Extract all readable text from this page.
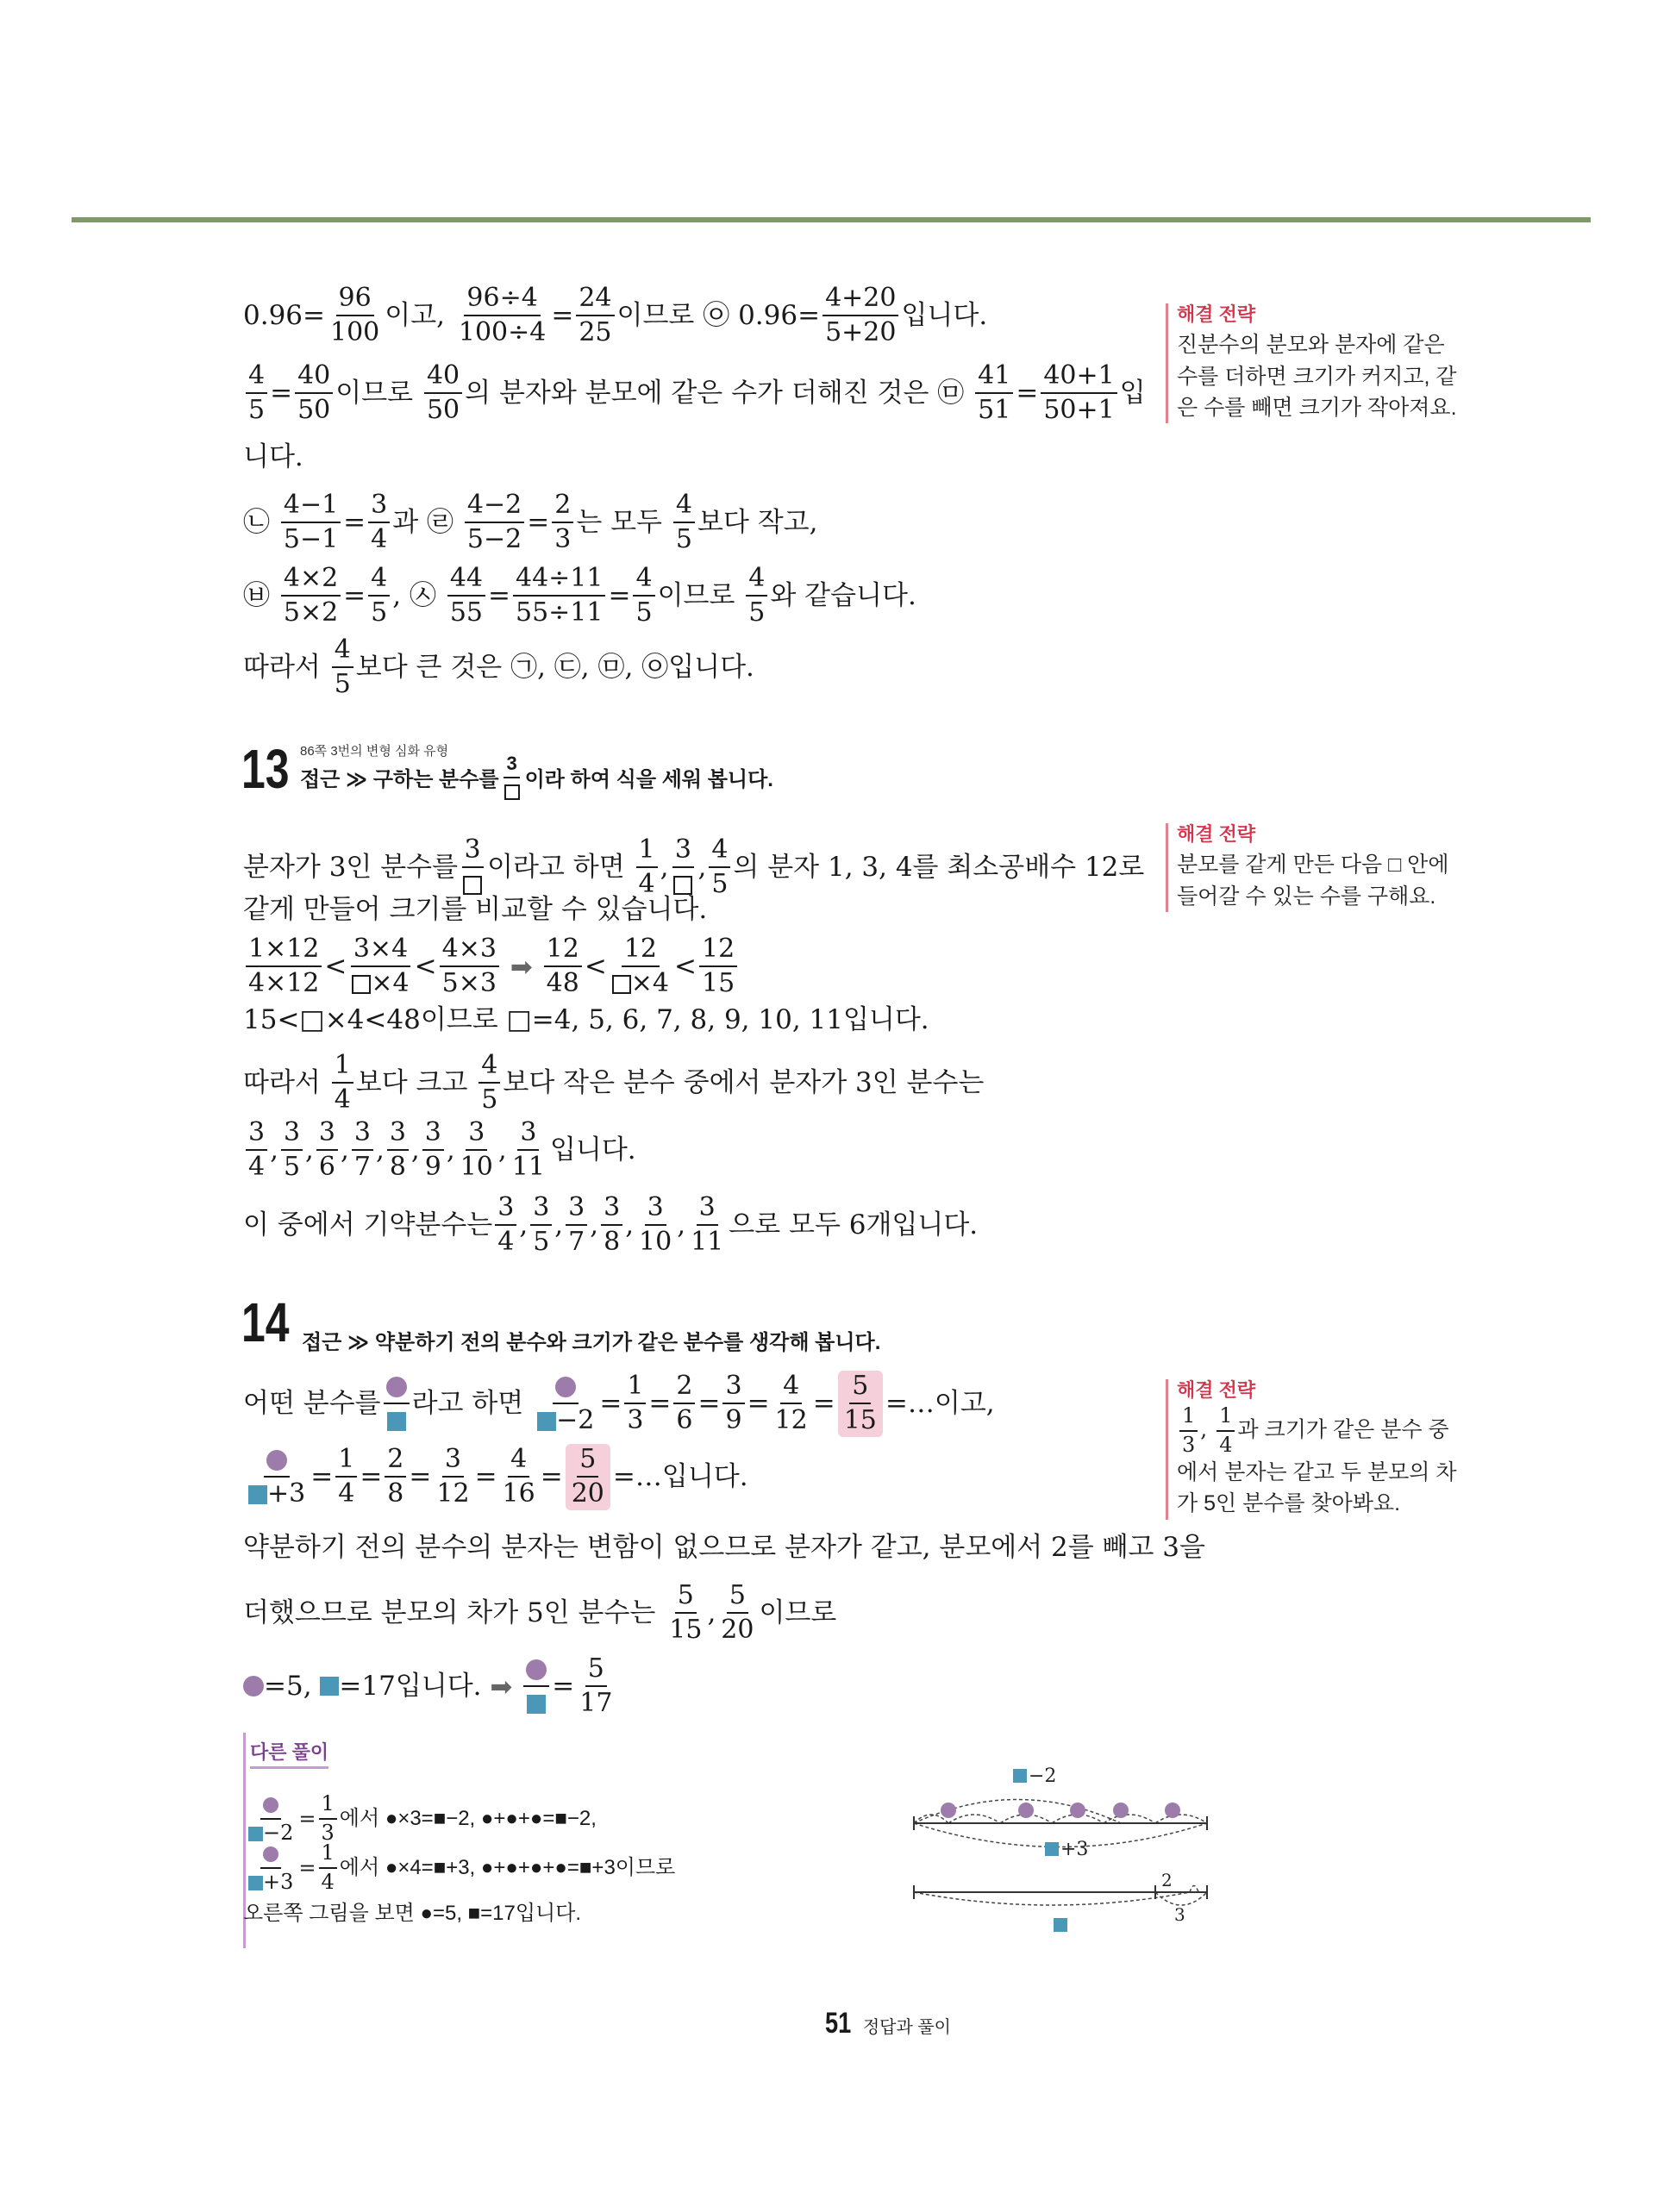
$0.96= \frac{96}{100}$ 이고,
$\frac{96\div 4}{100\div 4} = \frac{24}{25}$ 이므로 ㉧ $0.96= \frac{4+20}{5+20}$ 입니다.
$\frac{4}{5} = \frac{40}{50}$ 이므로
$\frac{40}{50}$ 의 분자와 분모에 같은 수가 더해진 것은 ㉤
$\frac{41}{51} = \frac{40+1}{50+1}$ 입
니다.
㉡
$\frac{4-1}{5-1} = \frac{3}{4}$ 과 ㉣
$\frac{4-2}{5-2} = \frac{2}{3}$ 는 모두
$\frac{4}{5}$ 보다 작고,
㉥
$\frac{4\times 2}{5\times 2} = \frac{4}{5}$ , ㉦
$\frac{44}{55} = \frac{44\div 11}{55\div 11} = \frac{4}{5}$ 이므로
$\frac{4}{5}$ 와 같습니다.
따라서
$\frac{4}{5}$ 보다 큰 것은 ㉠, ㉢, ㉤, ㉧입니다.
해결 전략
진분수의 분모와 분자에 같은 수를 더하면 크기가 커지고, 같은 수를 빼면 크기가 작아져요.
13 86쪽 3번의 변형 심화 유형
접근 ≫ 구하는 분수를
3
이라 하여 식을 세워 봅니다.
분자가 3인 분수를
3
이라고 하면
$\frac{1}{4}$ ,
3
, $\frac{4}{5}$ 의 분자 1, 3, 4를 최소공배수 12로
같게 만들어 크기를 비교할 수 있습니다.
$\frac{1\times 12}{4\times 12} < \frac{3\times 4}{\times 4} < \frac{4\times 3}{5\times 3}$
➡
$\frac{12}{48} < \frac{12}{\times 4} < \frac{12}{15}$
15<□×4<48이므로 □=4, 5, 6, 7, 8, 9, 10, 11입니다.
따라서
$\frac{1}{4}$ 보다 크고
$\frac{4}{5}$ 보다 작은 분수 중에서 분자가 3인 분수는
$\frac{3}{4}$ , $\frac{3}{5}$ , $\frac{3}{6}$ , $\frac{3}{7}$ , $\frac{3}{8}$ , $\frac{3}{9}$ , $\frac{3}{10}$ , $\frac{3}{11}$ 입니다.
이 중에서 기약분수는 $\frac{3}{4}$ , $\frac{3}{5}$ , $\frac{3}{7}$ , $\frac{3}{8}$ , $\frac{3}{10}$ , $\frac{3}{11}$ 으로 모두 6개입니다.
해결 전략
분모를 같게 만든 다음 □ 안에 들어갈 수 있는 수를 구해요.
14 접근 ≫ 약분하기 전의 분수와 크기가 같은 분수를 생각해 봅니다.
어떤 분수를 라고 하면

−2
= $\frac{1}{3} = \frac{2}{6} = \frac{3}{9} = \frac{4}{12} = \frac{5}{15}$ =…이고,
+3
= $\frac{1}{4} = \frac{2}{8} = \frac{3}{12} = \frac{4}{16} = \frac{5}{20}$ =…입니다.
약분하기 전의 분수의 분자는 변함이 없으므로 분자가 같고, 분모에서 2를 빼고 3을
더했으므로 분모의 차가 5인 분수는
$\frac{5}{15}$ , $\frac{5}{20}$ 이므로
=5,
=17입니다.
➡
= $\frac{5}{17}$
해결 전략
$\frac{1}{3}$ , $\frac{1}{4}$ 과 크기가 같은 분수 중
에서 분자는 같고 두 분모의 차가 5인 분수를 찾아봐요.
다른 풀이
−2
= $\frac{1}{3}$ 에서 ●×3=■−2, ●+●+●=■−2,
+3
= $\frac{1}{4}$ 에서 ●×4=■+3, ●+●+●+●=■+3이므로
오른쪽 그림을 보면 ●=5, ■=17입니다.
−2
+3
2
3
51 정답과 풀이
